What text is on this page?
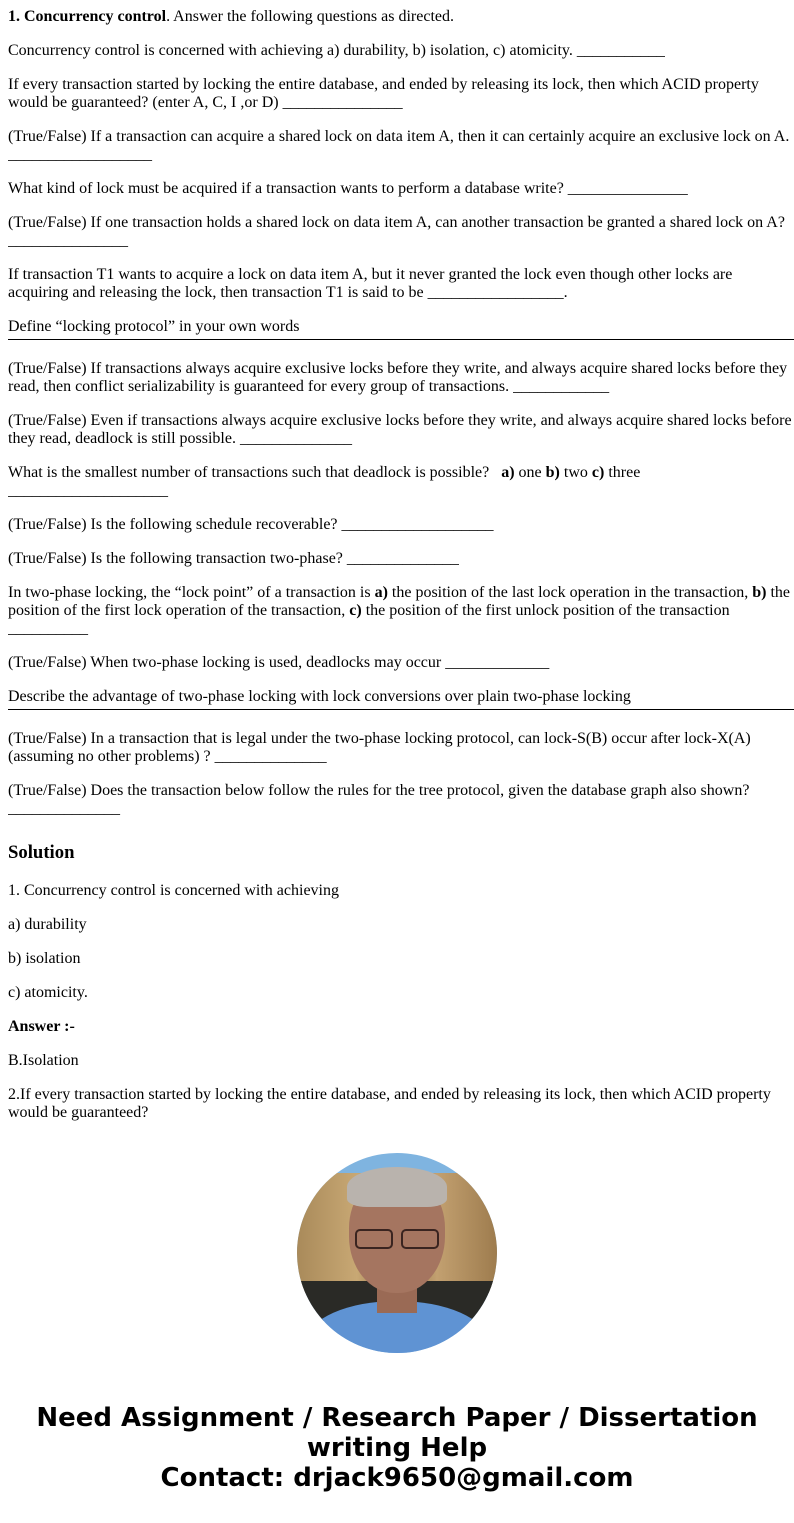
1. Concurrency control. Answer the following questions as directed.

Concurrency control is concerned with achieving a) durability, b) isolation, c) atomicity. ___________

If every transaction started by locking the entire database, and ended by releasing its lock, then which ACID property would be guaranteed? (enter A, C, I ,or D) _______________

(True/False) If a transaction can acquire a shared lock on data item A, then it can certainly acquire an exclusive lock on A. __________________

What kind of lock must be acquired if a transaction wants to perform a database write? _______________

(True/False) If one transaction holds a shared lock on data item A, can another transaction be granted a shared lock on A? _______________

If transaction T1 wants to acquire a lock on data item A, but it never granted the lock even though other locks are acquiring and releasing the lock, then transaction T1 is said to be _________________.

Define “locking protocol” in your own words

(True/False) If transactions always acquire exclusive locks before they write, and always acquire shared locks before they read, then conflict serializability is guaranteed for every group of transactions. ____________

(True/False) Even if transactions always acquire exclusive locks before they write, and always acquire shared locks before they read, deadlock is still possible. ______________

What is the smallest number of transactions such that deadlock is possible?   a) one b) two c) three
____________________

(True/False) Is the following schedule recoverable? ___________________

(True/False) Is the following transaction two-phase? ______________

In two-phase locking, the “lock point” of a transaction is a) the position of the last lock operation in the transaction, b) the position of the first lock operation of the transaction, c) the position of the first unlock position of the transaction
__________

(True/False) When two-phase locking is used, deadlocks may occur _____________

Describe the advantage of two-phase locking with lock conversions over plain two-phase locking

(True/False) In a transaction that is legal under the two-phase locking protocol, can lock-S(B) occur after lock-X(A) (assuming no other problems) ? ______________

(True/False) Does the transaction below follow the rules for the tree protocol, given the database graph also shown? ______________

Solution

1. Concurrency control is concerned with achieving

a) durability

b) isolation

c) atomicity.

Answer :-

B.Isolation

2.If every transaction started by locking the entire database, and ended by releasing its lock, then which ACID property would be guaranteed?

Need Assignment / Research Paper / Dissertation
writing Help
Contact: drjack9650@gmail.com
